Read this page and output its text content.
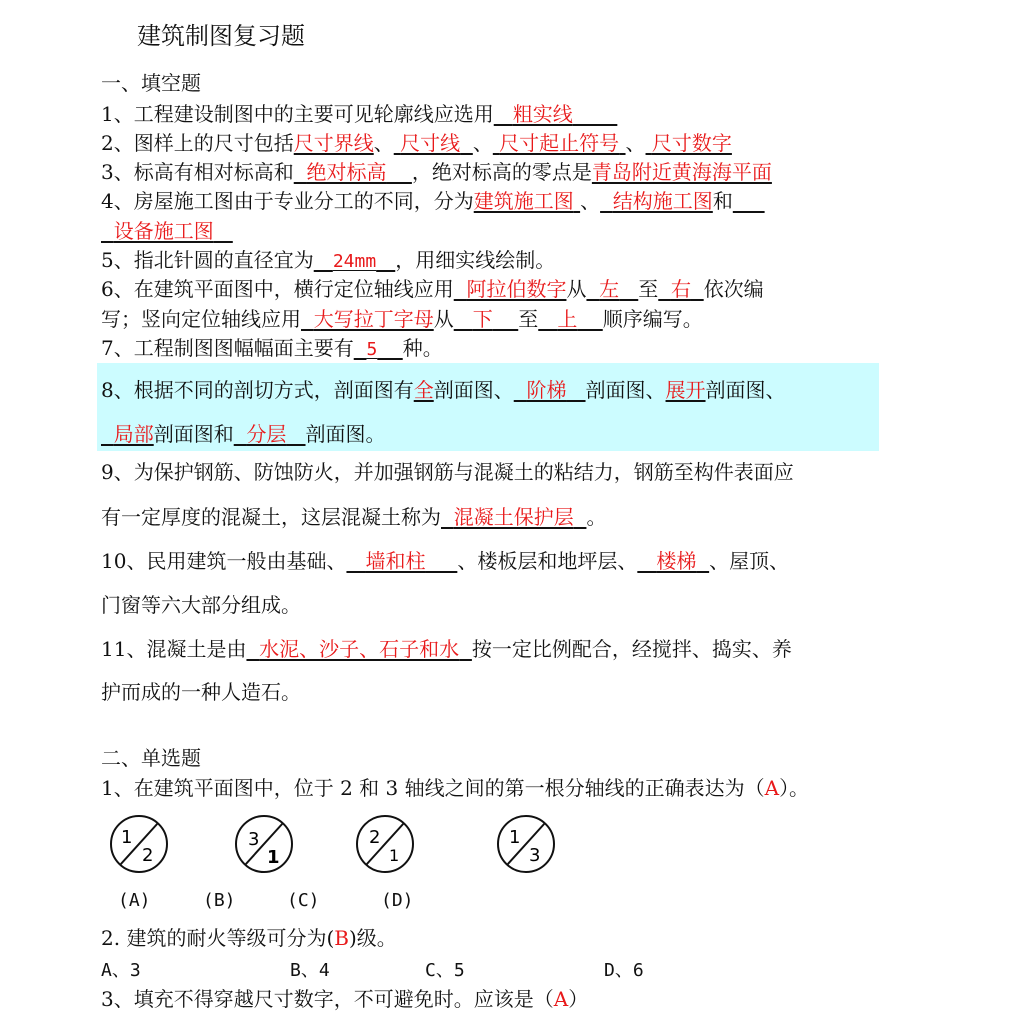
建筑制图复习题
一、填空题
1、工程建设制图中的主要可见轮廓线应选用 粗实线
2、图样上的尺寸包括尺寸界线、 尺寸线 、 尺寸起止符号 、 尺寸数字
3、标高有相对标高和 绝对标高 ，绝对标高的零点是青岛附近黄海海平面
4、房屋施工图由于专业分工的不同，分为建筑施工图 、 结构施工图和
设备施工图
5、指北针圆的直径宜为 24mm ，用细实线绘制。
6、在建筑平面图中，横行定位轴线应用 阿拉伯数字从 左 至 右 依次编
写；竖向定位轴线应用 大写拉丁字母从 下 至 上 顺序编写。
7、工程制图图幅幅面主要有 5 种。
8、根据不同的剖切方式，剖面图有全剖面图、 阶梯 剖面图、展开剖面图、
局部剖面图和 分层 剖面图。
9、为保护钢筋、防蚀防火，并加强钢筋与混凝土的粘结力，钢筋至构件表面应
有一定厚度的混凝土，这层混凝土称为 混凝土保护层 。
10、民用建筑一般由基础、 墙和柱 、楼板层和地坪层、 楼梯 、屋顶、
门窗等六大部分组成。
11、混凝土是由 水泥、沙子、石子和水 按一定比例配合，经搅拌、捣实、养
护而成的一种人造石。
二、单选题
1、在建筑平面图中，位于 2 和 3 轴线之间的第一根分轴线的正确表达为（A）。
1
2
3
1
2
1
1
3
(A)	(B)	(C)	(D)
2. 建筑的耐火等级可分为(B)级。
A、3	B、4	C、5	D、6
3、填充不得穿越尺寸数字，不可避免时。应该是（A）
